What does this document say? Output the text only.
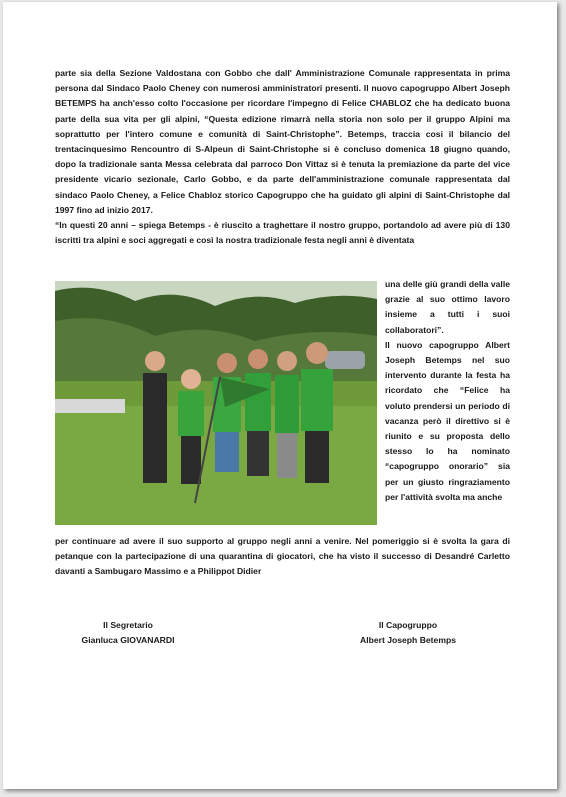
parte sia della Sezione Valdostana con Gobbo che dall' Amministrazione Comunale rappresentata in prima persona dal Sindaco Paolo Cheney con numerosi amministratori presenti. Il nuovo capogruppo Albert Joseph BETEMPS ha anch'esso colto l'occasione per ricordare l'impegno di Felice CHABLOZ che ha dedicato buona parte della sua vita per gli alpini, “Questa edizione rimarrà nella storia non solo per il gruppo Alpini ma soprattutto per l'intero comune e comunità di Saint-Christophe”. Betemps, traccia cosi il bilancio del trentacinquesimo Rencountro di S-Alpeun di Saint-Christophe si è concluso domenica 18 giugno quando, dopo la tradizionale santa Messa celebrata dal parroco Don Vittaz si è tenuta la premiazione da parte del vice presidente vicario sezionale, Carlo Gobbo, e da parte dell'amministrazione comunale rappresentata dal sindaco Paolo Cheney, a Felice Chabloz storico Capogruppo che ha guidato gli alpini di Saint-Christophe dal 1997 fino ad inizio 2017.
“In questi 20 anni – spiega Betemps - è riuscito a traghettare il nostro gruppo, portandolo ad avere più di 130 iscritti tra alpini e soci aggregati e così la nostra tradizionale festa negli anni è diventata

una delle giù grandi della valle grazie al suo ottimo lavoro insieme a tutti i suoi collaboratori”.
Il nuovo capogruppo Albert Joseph Betemps nel suo intervento durante la festa ha ricordato che “Felice ha voluto prendersi un periodo di vacanza però il direttivo si è riunito e su proposta dello stesso lo ha nominato “capogruppo onorario” sia per un giusto ringraziamento per l'attività svolta ma anche

per continuare ad avere il suo supporto al gruppo negli anni a venire. Nel pomeriggio si è svolta la gara di petanque con la partecipazione di una quarantina di giocatori, che ha visto il successo di Desandré Carletto davanti a Sambugaro Massimo e a Philippot Didier

Il Segretario
Gianluca GIOVANARDI
Il Capogruppo
Albert Joseph Betemps
